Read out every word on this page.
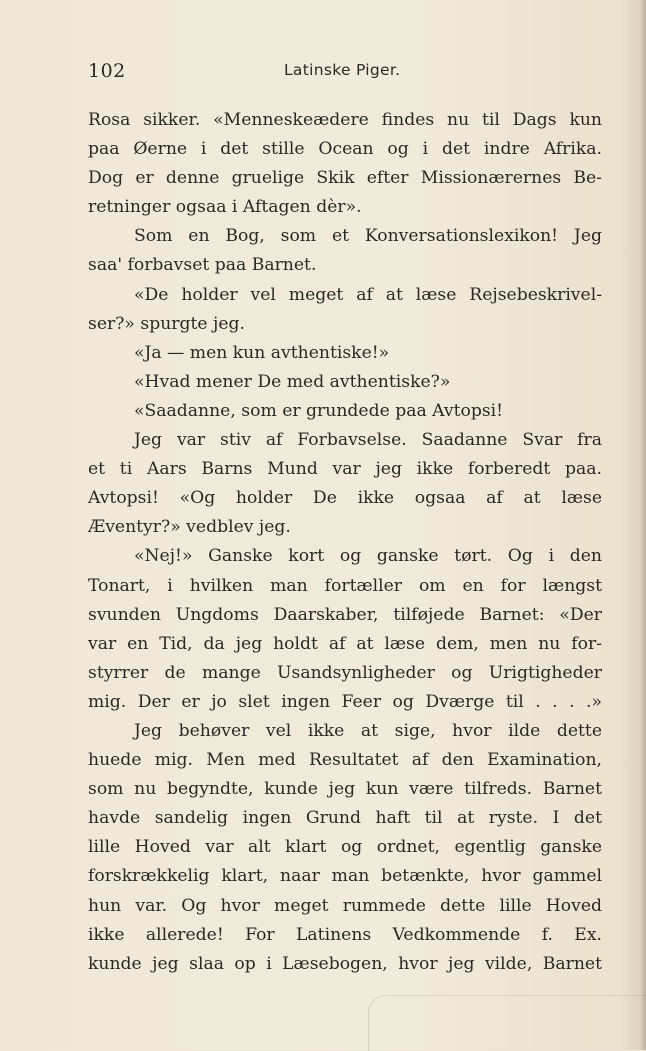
102	Latinske Piger.
Rosa sikker. «Menneskeædere findes nu til Dags kun
paa Øerne i det stille Ocean og i det indre Afrika.
Dog er denne gruelige Skik efter Missionærernes Be-
retninger ogsaa i Aftagen dèr».
Som en Bog, som et Konversationslexikon! Jeg
saa' forbavset paa Barnet.
«De holder vel meget af at læse Rejsebeskrivel-
ser?» spurgte jeg.
«Ja — men kun avthentiske!»
«Hvad mener De med avthentiske?»
«Saadanne, som er grundede paa Avtopsi!
Jeg var stiv af Forbavselse. Saadanne Svar fra
et ti Aars Barns Mund var jeg ikke forberedt paa.
Avtopsi! «Og holder De ikke ogsaa af at læse
Æventyr?» vedblev jeg.
«Nej!» Ganske kort og ganske tørt. Og i den
Tonart, i hvilken man fortæller om en for længst
svunden Ungdoms Daarskaber, tilføjede Barnet: «Der
var en Tid, da jeg holdt af at læse dem, men nu for-
styrrer de mange Usandsynligheder og Urigtigheder
mig. Der er jo slet ingen Feer og Dværge til . . . .»
Jeg behøver vel ikke at sige, hvor ilde dette
huede mig. Men med Resultatet af den Examination,
som nu begyndte, kunde jeg kun være tilfreds. Barnet
havde sandelig ingen Grund haft til at ryste. I det
lille Hoved var alt klart og ordnet, egentlig ganske
forskrækkelig klart, naar man betænkte, hvor gammel
hun var. Og hvor meget rummede dette lille Hoved
ikke allerede! For Latinens Vedkommende f. Ex.
kunde jeg slaa op i Læsebogen, hvor jeg vilde, Barnet
